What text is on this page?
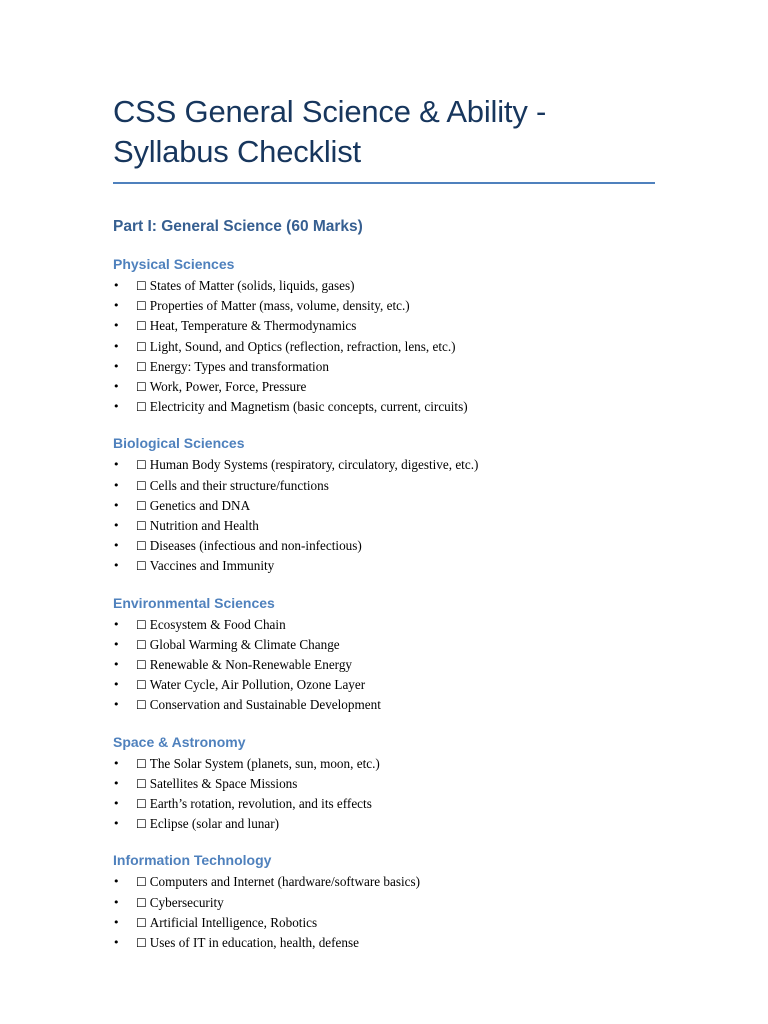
CSS General Science & Ability - Syllabus Checklist
Part I: General Science (60 Marks)
Physical Sciences
• ☐ States of Matter (solids, liquids, gases)
• ☐ Properties of Matter (mass, volume, density, etc.)
• ☐ Heat, Temperature & Thermodynamics
• ☐ Light, Sound, and Optics (reflection, refraction, lens, etc.)
• ☐ Energy: Types and transformation
• ☐ Work, Power, Force, Pressure
• ☐ Electricity and Magnetism (basic concepts, current, circuits)
Biological Sciences
• ☐ Human Body Systems (respiratory, circulatory, digestive, etc.)
• ☐ Cells and their structure/functions
• ☐ Genetics and DNA
• ☐ Nutrition and Health
• ☐ Diseases (infectious and non-infectious)
• ☐ Vaccines and Immunity
Environmental Sciences
• ☐ Ecosystem & Food Chain
• ☐ Global Warming & Climate Change
• ☐ Renewable & Non-Renewable Energy
• ☐ Water Cycle, Air Pollution, Ozone Layer
• ☐ Conservation and Sustainable Development
Space & Astronomy
• ☐ The Solar System (planets, sun, moon, etc.)
• ☐ Satellites & Space Missions
• ☐ Earth’s rotation, revolution, and its effects
• ☐ Eclipse (solar and lunar)
Information Technology
• ☐ Computers and Internet (hardware/software basics)
• ☐ Cybersecurity
• ☐ Artificial Intelligence, Robotics
• ☐ Uses of IT in education, health, defense
